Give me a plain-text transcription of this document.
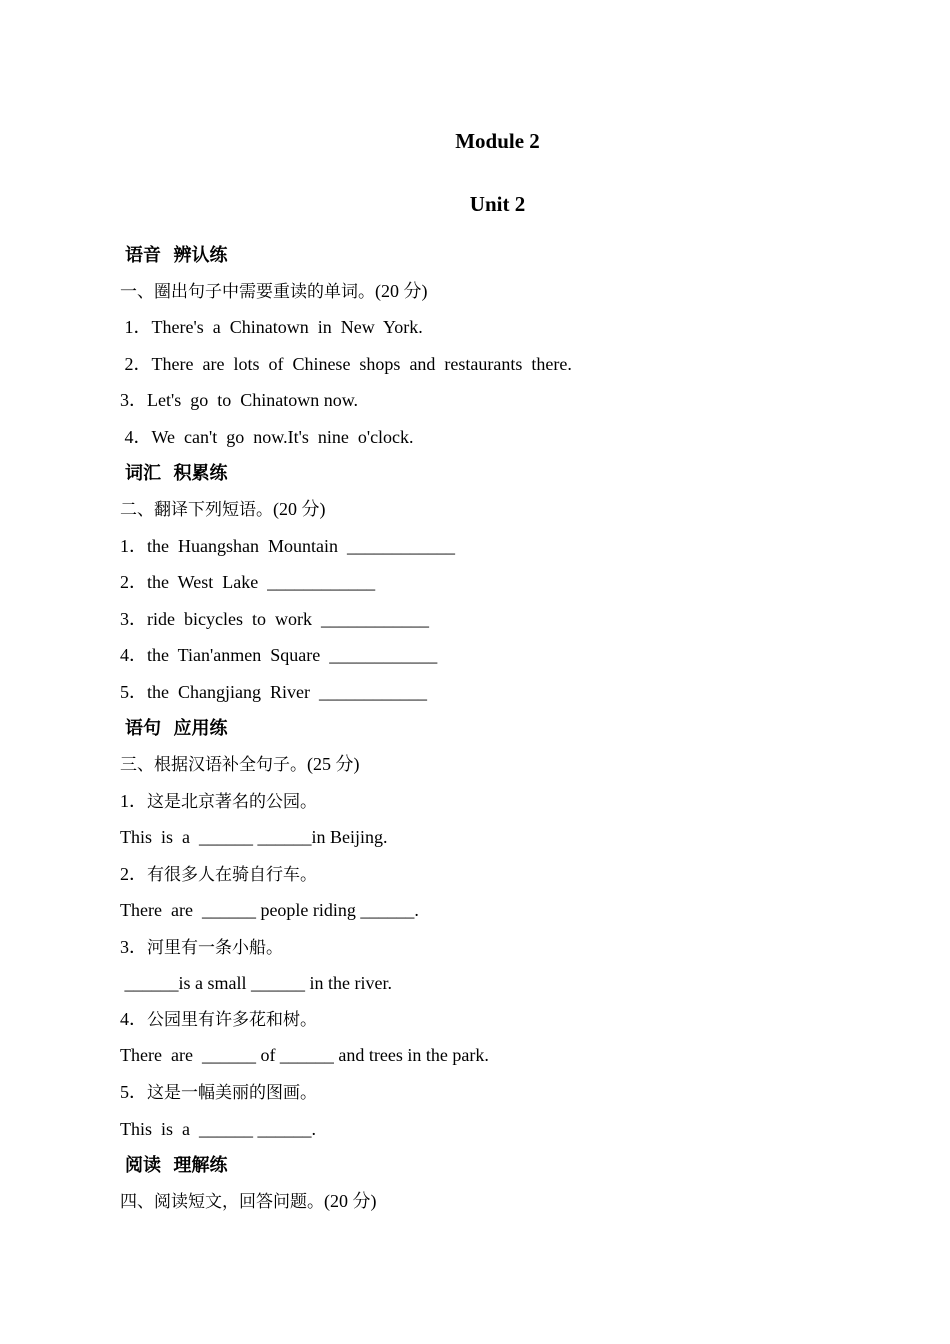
Module 2
Unit 2
语音  辨认练
一、圈出句子中需要重读的单词。(20 分)
1．There's  a  Chinatown  in  New  York.
2．There  are  lots  of  Chinese  shops  and  restaurants  there.
3．Let's  go  to  Chinatown now.
4．We  can't  go  now.It's  nine  o'clock.
词汇  积累练
二、翻译下列短语。(20 分)
1．the  Huangshan  Mountain  ____________
2．the  West  Lake  ____________
3．ride  bicycles  to  work  ____________
4．the  Tian'anmen  Square  ____________
5．the  Changjiang  River  ____________
语句  应用练
三、根据汉语补全句子。(25 分)
1．这是北京著名的公园。
This  is  a  ______ ______in Beijing.
2．有很多人在骑自行车。
There  are  ______ people riding ______.
3．河里有一条小船。
______is a small ______ in the river.
4．公园里有许多花和树。
There  are  ______ of ______ and trees in the park.
5．这是一幅美丽的图画。
This  is  a  ______ ______.
阅读  理解练
四、阅读短文，回答问题。(20 分)
